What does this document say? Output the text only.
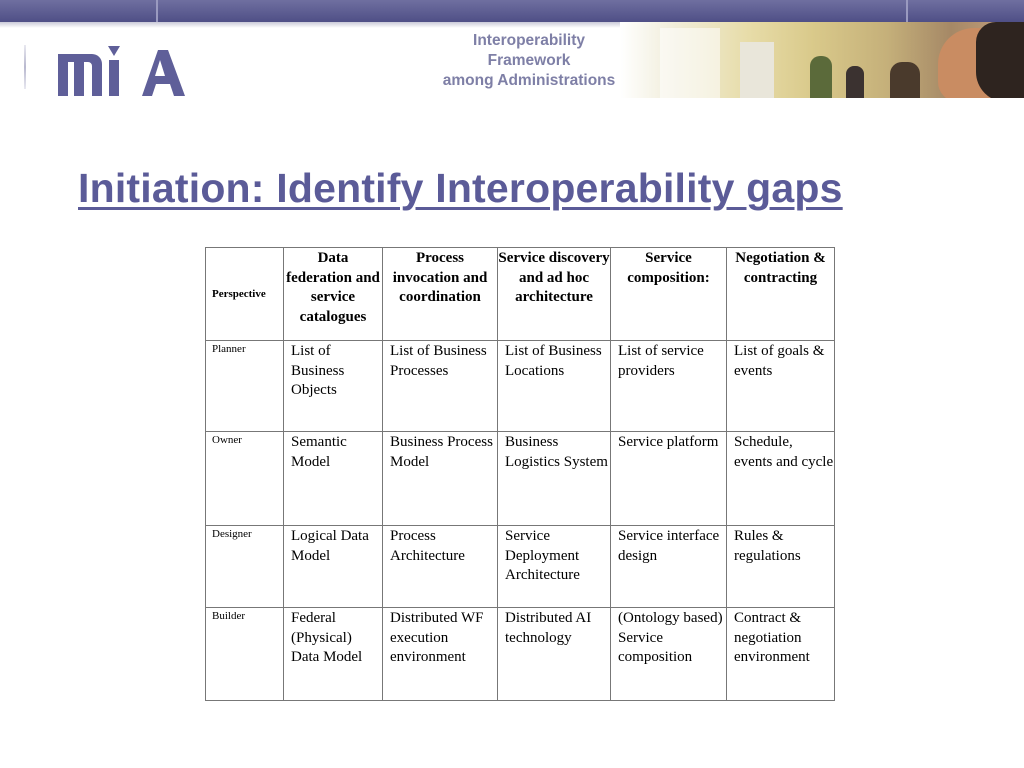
Interoperability
Framework
among Administrations
Initiation: Identify Interoperability gaps
Perspective	Data federation and service catalogues	Process invocation and coordination	Service discovery and ad hoc architecture	Service composition:	Negotiation & contracting
Planner	List of Business Objects	List of Business Processes	List of Business Locations	List of service providers	List of goals & events
Owner	Semantic Model	Business Process Model	Business Logistics System	Service platform	Schedule, events and cycle
Designer	Logical Data Model	Process Architecture	Service Deployment Architecture	Service interface design	Rules & regulations
Builder	Federal (Physical) Data Model	Distributed WF execution environment	Distributed AI technology	(Ontology based) Service composition	Contract & negotiation environment
